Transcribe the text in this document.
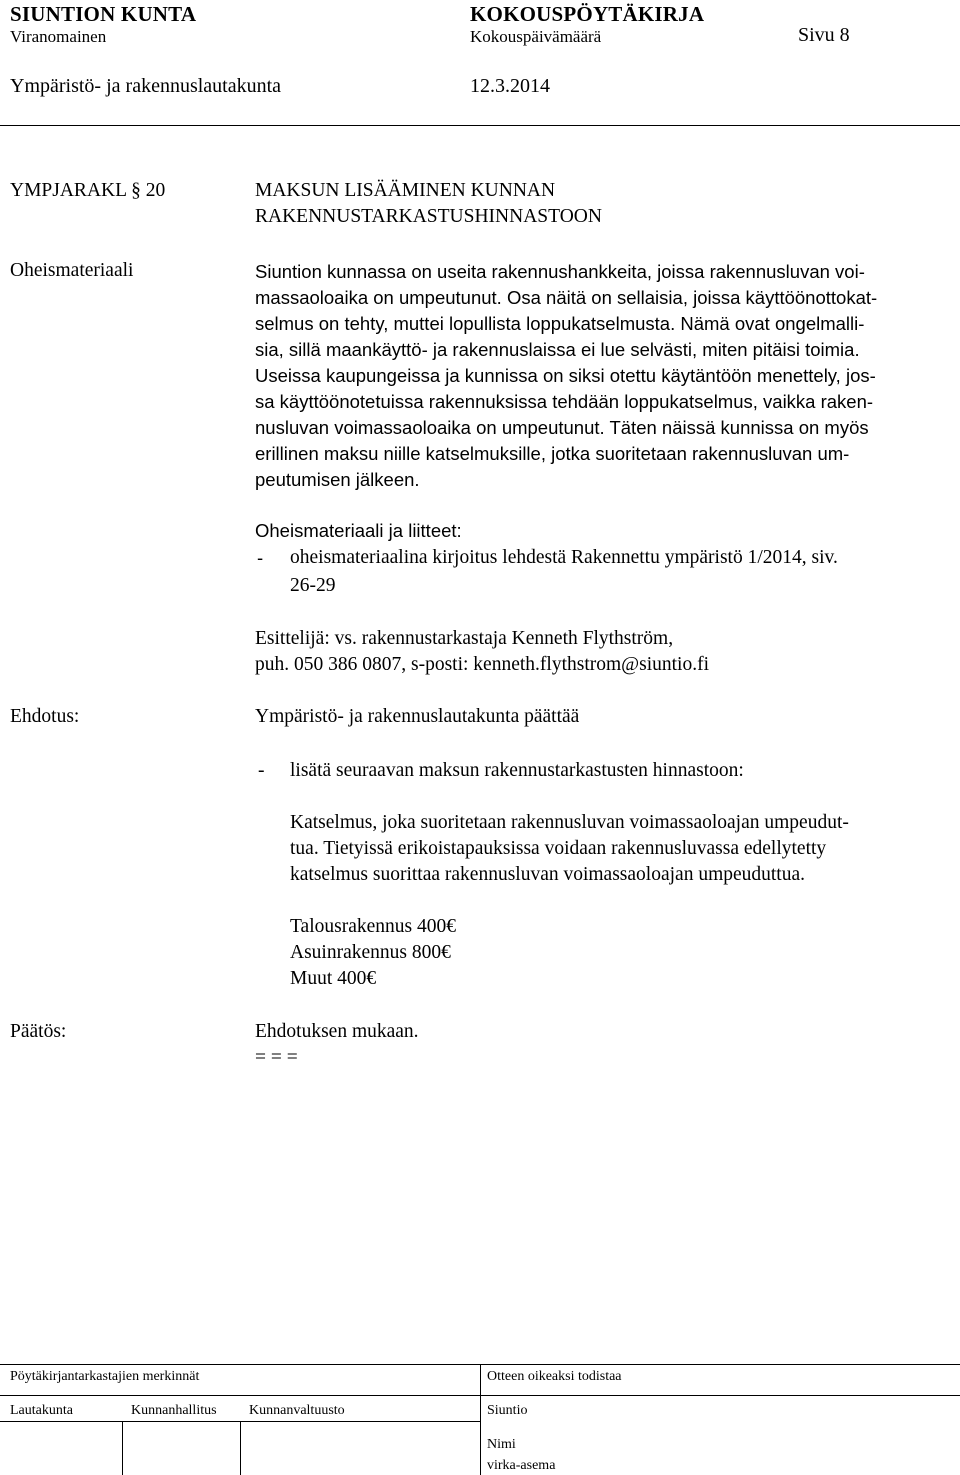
SIUNTION KUNTA	KOKOUSPÖYTÄKIRJA
Viranomainen	Kokouspäivämäärä	Sivu 8
Ympäristö- ja rakennuslautakunta	12.3.2014
YMPJARAKL § 20	MAKSUN LISÄÄMINEN KUNNAN
RAKENNUSTARKASTUSHINNASTOON
Oheismateriaali	Siuntion kunnassa on useita rakennushankkeita, joissa rakennusluvan voi-
massaoloaika on umpeutunut. Osa näitä on sellaisia, joissa käyttöönottokat-
selmus on tehty, muttei lopullista loppukatselmusta. Nämä ovat ongelmalli-
sia, sillä maankäyttö- ja rakennuslaissa ei lue selvästi, miten pitäisi toimia.
Useissa kaupungeissa ja kunnissa on siksi otettu käytäntöön menettely, jos-
sa käyttöönotetuissa rakennuksissa tehdään loppukatselmus, vaikka raken-
nusluvan voimassaoloaika on umpeutunut. Täten näissä kunnissa on myös
erillinen maksu niille katselmuksille, jotka suoritetaan rakennusluvan um-
peutumisen jälkeen.
Oheismateriaali ja liitteet:
- oheismateriaalina kirjoitus lehdestä Rakennettu ympäristö 1/2014, siv.
26-29
Esittelijä: vs. rakennustarkastaja Kenneth Flythström,
puh. 050 386 0807, s-posti: kenneth.flythstrom@siuntio.fi
Ehdotus:	Ympäristö- ja rakennuslautakunta päättää
- lisätä seuraavan maksun rakennustarkastusten hinnastoon:
Katselmus, joka suoritetaan rakennusluvan voimassaoloajan umpeudut-
tua. Tietyissä erikoistapauksissa voidaan rakennusluvassa edellytetty
katselmus suorittaa rakennusluvan voimassaoloajan umpeuduttua.
Talousrakennus 400€
Asuinrakennus 800€
Muut 400€
Päätös:	Ehdotuksen mukaan.
= = =
Pöytäkirjantarkastajien merkinnät	Otteen oikeaksi todistaa
Lautakunta	Kunnanhallitus Kunnanvaltuusto	Siuntio
Nimi
virka-asema
